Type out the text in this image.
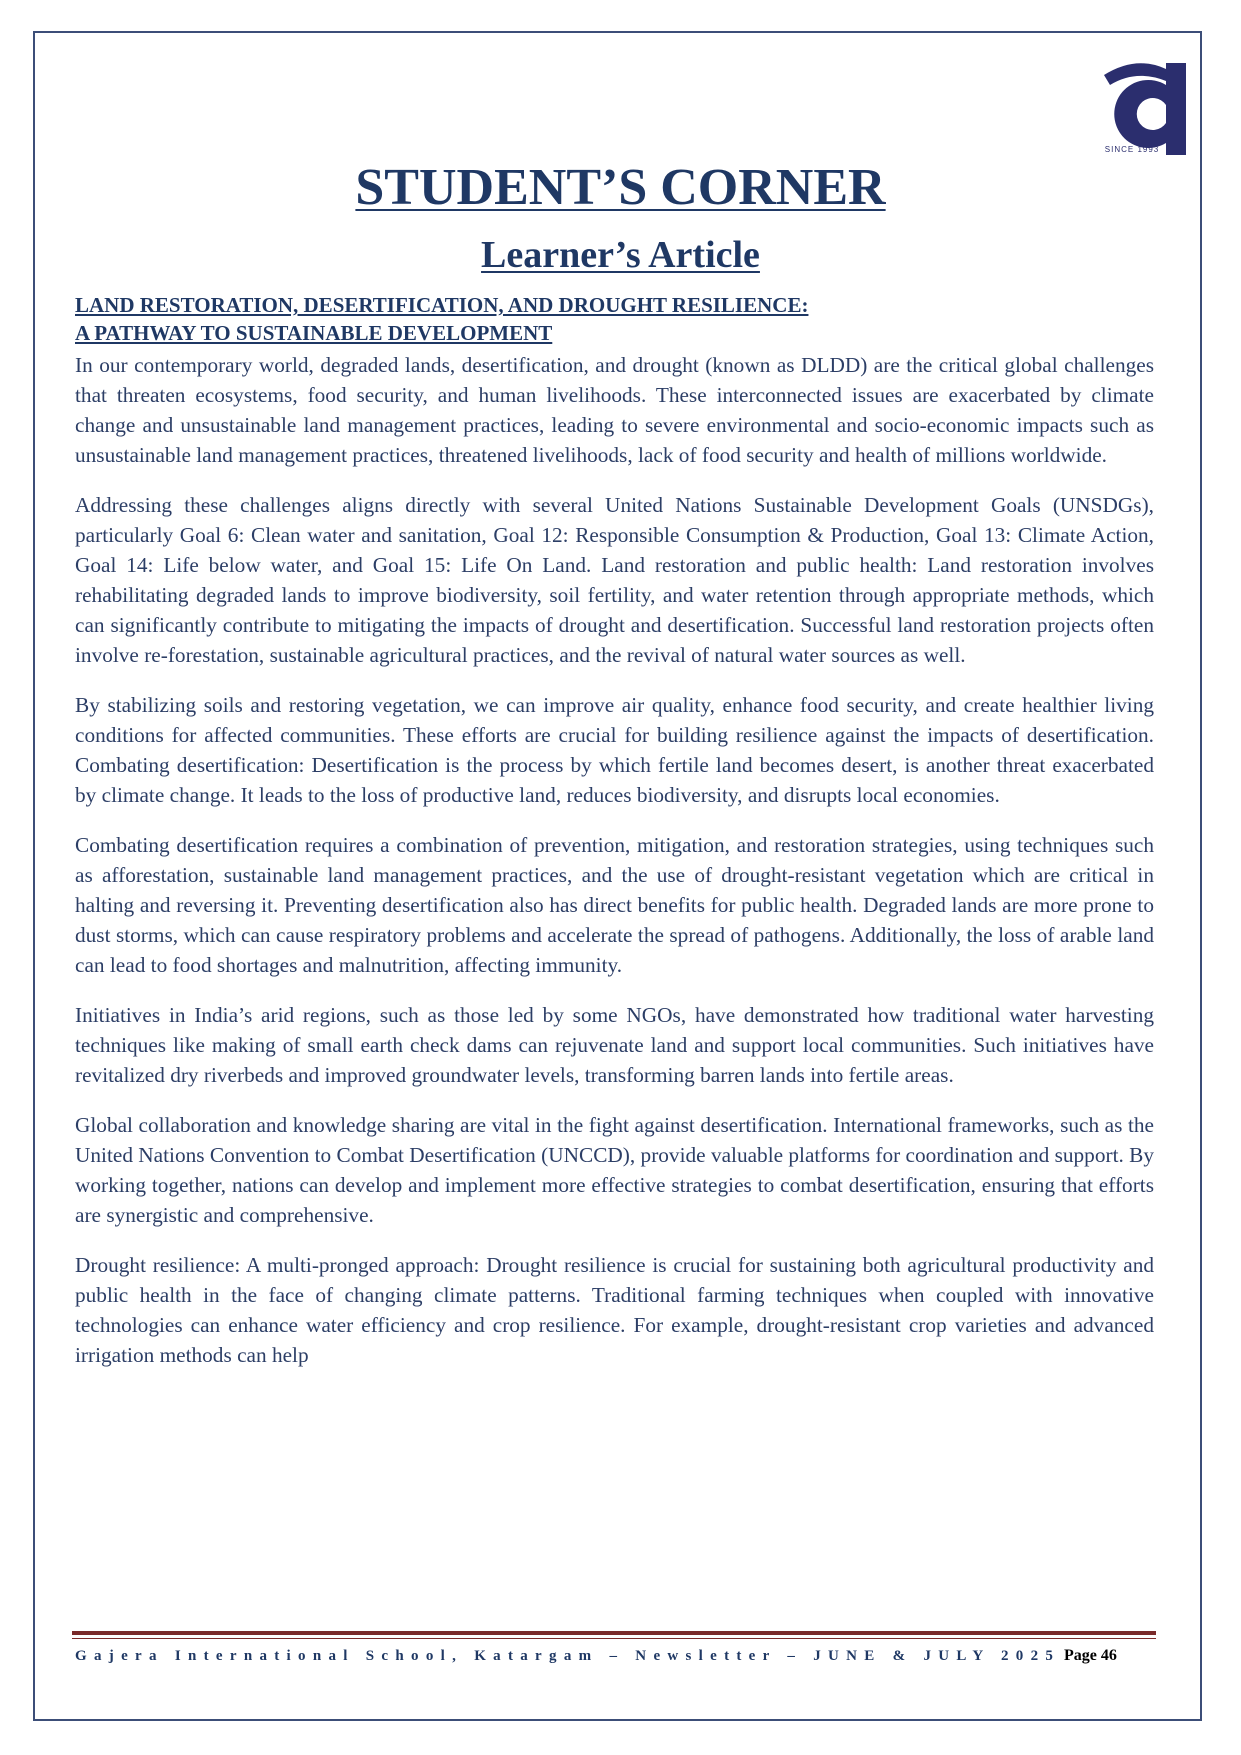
SINCE 1993
STUDENT’S CORNER
Learner’s Article
LAND RESTORATION, DESERTIFICATION, AND DROUGHT RESILIENCE:
A PATHWAY TO SUSTAINABLE DEVELOPMENT

In our contemporary world, degraded lands, desertification, and drought (known as DLDD) are the critical global challenges that threaten ecosystems, food security, and human livelihoods. These interconnected issues are exacerbated by climate change and unsustainable land management practices, leading to severe environmental and socio-economic impacts such as unsustainable land management practices, threatened livelihoods, lack of food security and health of millions worldwide.

Addressing these challenges aligns directly with several United Nations Sustainable Development Goals (UNSDGs), particularly Goal 6: Clean water and sanitation, Goal 12: Responsible Consumption & Production, Goal 13: Climate Action, Goal 14: Life below water, and Goal 15: Life On Land. Land restoration and public health: Land restoration involves rehabilitating degraded lands to improve biodiversity, soil fertility, and water retention through appropriate methods, which can significantly contribute to mitigating the impacts of drought and desertification. Successful land restoration projects often involve re-forestation, sustainable agricultural practices, and the revival of natural water sources as well.

By stabilizing soils and restoring vegetation, we can improve air quality, enhance food security, and create healthier living conditions for affected communities. These efforts are crucial for building resilience against the impacts of desertification. Combating desertification: Desertification is the process by which fertile land becomes desert, is another threat exacerbated by climate change. It leads to the loss of productive land, reduces biodiversity, and disrupts local economies.

Combating desertification requires a combination of prevention, mitigation, and restoration strategies, using techniques such as afforestation, sustainable land management practices, and the use of drought-resistant vegetation which are critical in halting and reversing it. Preventing desertification also has direct benefits for public health. Degraded lands are more prone to dust storms, which can cause respiratory problems and accelerate the spread of pathogens. Additionally, the loss of arable land can lead to food shortages and malnutrition, affecting immunity.

Initiatives in India’s arid regions, such as those led by some NGOs, have demonstrated how traditional water harvesting techniques like making of small earth check dams can rejuvenate land and support local communities. Such initiatives have revitalized dry riverbeds and improved groundwater levels, transforming barren lands into fertile areas.

Global collaboration and knowledge sharing are vital in the fight against desertification. International frameworks, such as the United Nations Convention to Combat Desertification (UNCCD), provide valuable platforms for coordination and support. By working together, nations can develop and implement more effective strategies to combat desertification, ensuring that efforts are synergistic and comprehensive.

Drought resilience: A multi-pronged approach: Drought resilience is crucial for sustaining both agricultural productivity and public health in the face of changing climate patterns. Traditional farming techniques when coupled with innovative technologies can enhance water efficiency and crop resilience. For example, drought-resistant crop varieties and advanced irrigation methods can help

Gajera International School, Katargam – Newsletter – JUNE & JULY 2025 Page 46
